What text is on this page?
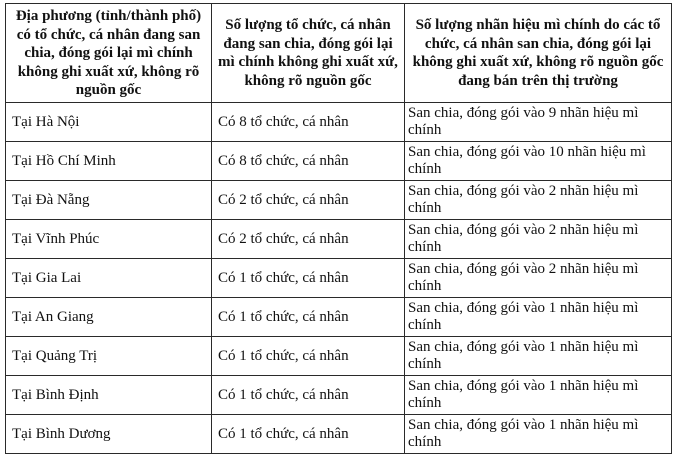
Địa phương (tỉnh/thành phố) có tổ chức, cá nhân đang san chia, đóng gói lại mì chính không ghi xuất xứ, không rõ nguồn gốc	Số lượng tổ chức, cá nhân đang san chia, đóng gói lại mì chính không ghi xuất xứ, không rõ nguồn gốc	Số lượng nhãn hiệu mì chính do các tổ chức, cá nhân san chia, đóng gói lại không ghi xuất xứ, không rõ nguồn gốc đang bán trên thị trường
Tại Hà Nội	Có 8 tổ chức, cá nhân	San chia, đóng gói vào 9 nhãn hiệu mì chính
Tại Hồ Chí Minh	Có 8 tổ chức, cá nhân	San chia, đóng gói vào 10 nhãn hiệu mì chính
Tại Đà Nẵng	Có 2 tổ chức, cá nhân	San chia, đóng gói vào 2 nhãn hiệu mì chính
Tại Vĩnh Phúc	Có 2 tổ chức, cá nhân	San chia, đóng gói vào 2 nhãn hiệu mì chính
Tại Gia Lai	Có 1 tổ chức, cá nhân	San chia, đóng gói vào 2 nhãn hiệu mì chính
Tại An Giang	Có 1 tổ chức, cá nhân	San chia, đóng gói vào 1 nhãn hiệu mì chính
Tại Quảng Trị	Có 1 tổ chức, cá nhân	San chia, đóng gói vào 1 nhãn hiệu mì chính
Tại Bình Định	Có 1 tổ chức, cá nhân	San chia, đóng gói vào 1 nhãn hiệu mì chính
Tại Bình Dương	Có 1 tổ chức, cá nhân	San chia, đóng gói vào 1 nhãn hiệu mì chính
